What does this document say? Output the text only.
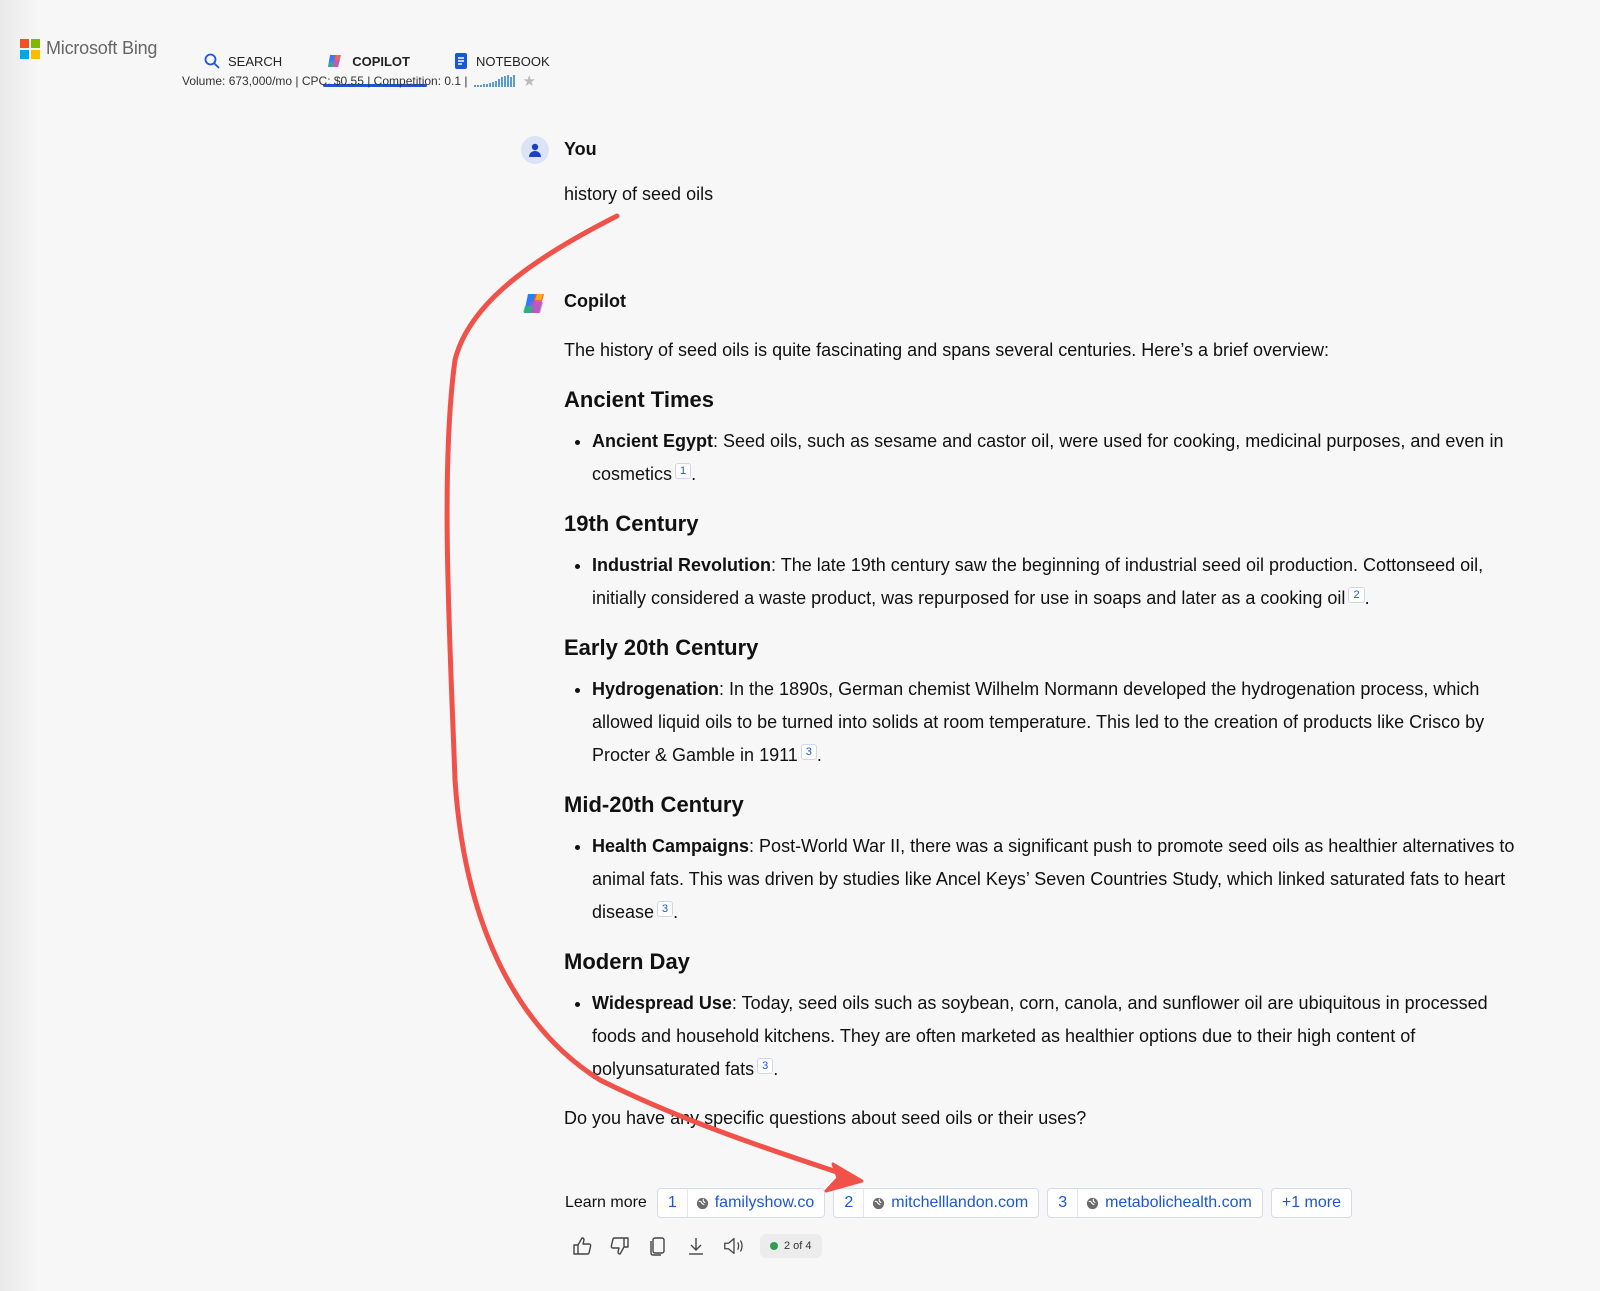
Microsoft Bing
SEARCH	COPILOT	NOTEBOOK
Volume: 673,000/mo | CPC: $0.55 | Competition: 0.1 |	★
You
history of seed oils
Copilot

The history of seed oils is quite fascinating and spans several centuries. Here’s a brief overview:

Ancient Times
• Ancient Egypt: Seed oils, such as sesame and castor oil, were used for cooking, medicinal purposes, and even in cosmetics 1 .
19th Century
• Industrial Revolution: The late 19th century saw the beginning of industrial seed oil production. Cottonseed oil, initially considered a waste product, was repurposed for use in soaps and later as a cooking oil 2 .
Early 20th Century
• Hydrogenation: In the 1890s, German chemist Wilhelm Normann developed the hydrogenation process, which allowed liquid oils to be turned into solids at room temperature. This led to the creation of products like Crisco by Procter & Gamble in 1911 3 .
Mid-20th Century
• Health Campaigns: Post-World War II, there was a significant push to promote seed oils as healthier alternatives to animal fats. This was driven by studies like Ancel Keys’ Seven Countries Study, which linked saturated fats to heart disease 3 .
Modern Day
• Widespread Use: Today, seed oils such as soybean, corn, canola, and sunflower oil are ubiquitous in processed foods and household kitchens. They are often marketed as healthier options due to their high content of polyunsaturated fats 3 .

Do you have any specific questions about seed oils or their uses?

Learn more	1	familyshow.co	2	mitchelllandon.com	3	metabolichealth.com	+1 more
2 of 4
